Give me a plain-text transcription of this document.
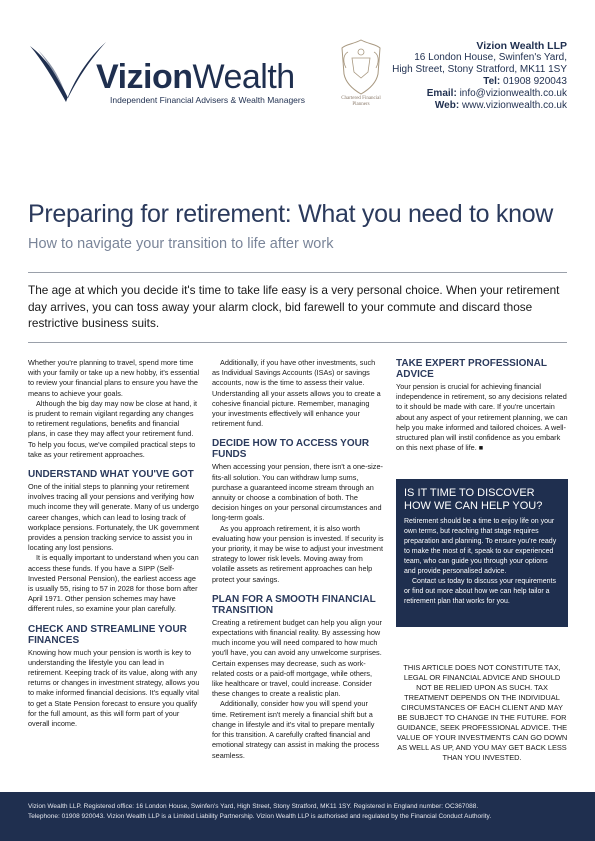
VizionWealth
Independent Financial Advisers & Wealth Managers	Chartered Financial Planners
Vizion Wealth LLP
16 London House, Swinfen's Yard,
High Street, Stony Stratford, MK11 1SY
Tel: 01908 920043
Email: info@vizionwealth.co.uk
Web: www.vizionwealth.co.uk
Preparing for retirement: What you need to know
How to navigate your transition to life after work
The age at which you decide it's time to take life easy is a very personal choice. When your retirement day arrives, you can toss away your alarm clock, bid farewell to your commute and discard those restrictive business suits.

Whether you're planning to travel, spend more time with your family or take up a new hobby, it's essential to review your financial plans to ensure you have the means to achieve your goals.

Although the big day may now be close at hand, it is prudent to remain vigilant regarding any changes to retirement regulations, benefits and financial plans, in case they may affect your retirement fund. To help you focus, we've compiled practical steps to take as your retirement approaches.

UNDERSTAND WHAT YOU'VE GOT

One of the initial steps to planning your retirement involves tracing all your pensions and verifying how much income they will generate. Many of us undergo career changes, which can lead to losing track of workplace pensions. Fortunately, the UK government provides a pension tracking service to assist you in locating any lost pensions.

It is equally important to understand when you can access these funds. If you have a SIPP (Self-Invested Personal Pension), the earliest access age is usually 55, rising to 57 in 2028 for those born after April 1971. Other pension schemes may have different rules, so examine your plan carefully.

CHECK AND STREAMLINE YOUR FINANCES

Knowing how much your pension is worth is key to understanding the lifestyle you can lead in retirement. Keeping track of its value, along with any returns or changes in investment strategy, allows you to make informed financial decisions. It's equally vital to get a State Pension forecast to ensure you qualify for the full amount, as this will form part of your overall income.

Additionally, if you have other investments, such as Individual Savings Accounts (ISAs) or savings accounts, now is the time to assess their value. Understanding all your assets allows you to create a cohesive financial picture. Remember, managing your investments effectively will enhance your retirement fund.

DECIDE HOW TO ACCESS YOUR FUNDS

When accessing your pension, there isn't a one-size-fits-all solution. You can withdraw lump sums, purchase a guaranteed income stream through an annuity or choose a combination of both. The decision hinges on your personal circumstances and long-term goals.

As you approach retirement, it is also worth evaluating how your pension is invested. If security is your priority, it may be wise to adjust your investment strategy to lower risk levels. Moving away from volatile assets as retirement approaches can help protect your savings.

PLAN FOR A SMOOTH FINANCIAL TRANSITION

Creating a retirement budget can help you align your expectations with financial reality. By assessing how much income you will need compared to how much you'll have, you can avoid any unwelcome surprises. Certain expenses may decrease, such as work-related costs or a paid-off mortgage, while others, like healthcare or travel, could increase. Consider these changes to create a realistic plan.

Additionally, consider how you will spend your time. Retirement isn't merely a financial shift but a change in lifestyle and it's vital to prepare mentally for this transition. A carefully crafted financial and emotional strategy can assist in making the process seamless.

TAKE EXPERT PROFESSIONAL ADVICE

Your pension is crucial for achieving financial independence in retirement, so any decisions related to it should be made with care. If you're uncertain about any aspect of your retirement planning, we can help you make informed and tailored choices. A well-structured plan will instil confidence as you embark on this next phase of life. ■

IS IT TIME TO DISCOVER HOW WE CAN HELP YOU?

Retirement should be a time to enjoy life on your own terms, but reaching that stage requires preparation and planning. To ensure you're ready to make the most of it, speak to our experienced team, who can guide you through your options and provide personalised advice.

Contact us today to discuss your requirements or find out more about how we can help tailor a retirement plan that works for you.

THIS ARTICLE DOES NOT CONSTITUTE TAX, LEGAL OR FINANCIAL ADVICE AND SHOULD NOT BE RELIED UPON AS SUCH. TAX TREATMENT DEPENDS ON THE INDIVIDUAL CIRCUMSTANCES OF EACH CLIENT AND MAY BE SUBJECT TO CHANGE IN THE FUTURE. FOR GUIDANCE, SEEK PROFESSIONAL ADVICE. THE VALUE OF YOUR INVESTMENTS CAN GO DOWN AS WELL AS UP, AND YOU MAY GET BACK LESS THAN YOU INVESTED.
Vizion Wealth LLP. Registered office: 16 London House, Swinfen's Yard, High Street, Stony Stratford, MK11 1SY. Registered in England number: OC367088.
Telephone: 01908 920043. Vizion Wealth LLP is a Limited Liability Partnership. Vizion Wealth LLP is authorised and regulated by the Financial Conduct Authority.
